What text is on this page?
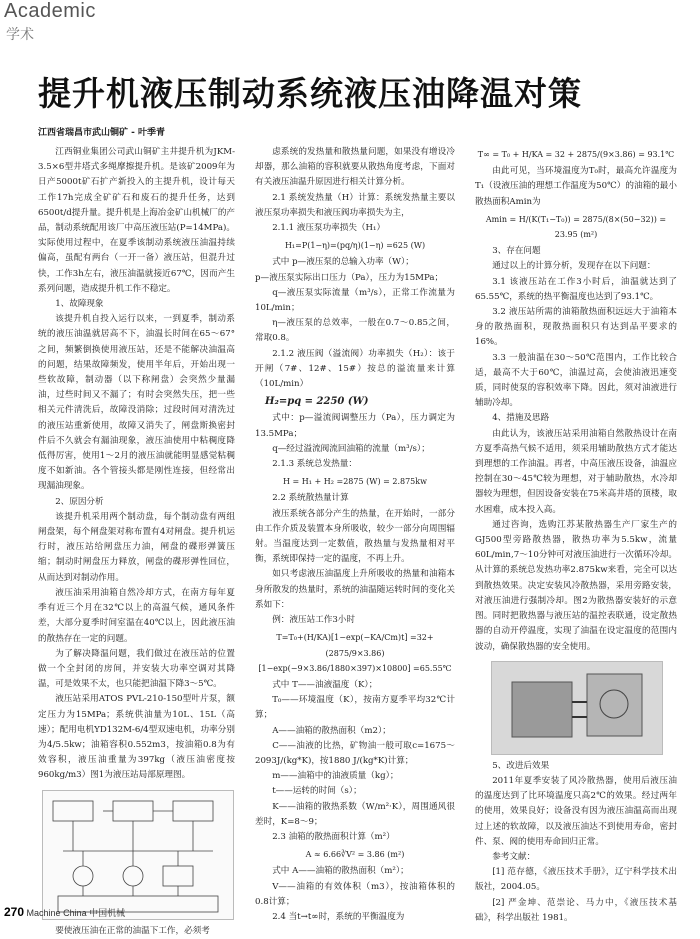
Academic
学术
提升机液压制动系统液压油降温对策
江西省瑞昌市武山铜矿 - 叶季青

江西铜业集团公司武山铜矿主井提升机为JKM-3.5×6型井塔式多绳摩擦提升机。是该矿2009年为日产5000t矿石扩产新投入的主提升机，设计每天工作17h完成全矿矿石和废石的提升任务，达到6500t/d提升量。提升机是上海冶金矿山机械厂的产品，制动系统配用该厂中高压液压站(P=14MPa)。实际使用过程中，在夏季该制动系统液压油温持续偏高，虽配有两台（一开一备）液压站，但混升过快，工作3h左右，液压油温就接近67℃，因而产生系列问题，造成提升机工作不稳定。

1、故障现象

该提升机自投入运行以来，一到夏季，制动系统的液压油温就居高不下，油温长时间在65～67°之间，频繁倒换使用液压站，还是不能解决油温高的问题，结果故障频发，使用半年后，开始出现一些软故障，制动器（以下称闸盘）会突然少量漏油，过些时间又不漏了；有时会突然失压，把一些相关元件清洗后，故障没消除；过段时间对清洗过的液压站重新使用，故障又消失了，闸盘斯换密封件后不久就会有漏油现象，液压油使用中粘稠度降低得厉害，使用1～2月的液压油就能明显感觉粘稠度不如新油。各个管接头都是刚性连接，但经常出现漏油现象。

2、原因分析

该提升机采用两个制动盘，每个制动盘有两组闸盘架，每个闸盘架对称布置有4对闸盘。提升机运行时，液压站给闸盘压力油，闸盘的碟形弹簧压缩；制动时闸盘压力释放，闸盘的碟形弹性回位，从而达到对制动作用。

液压油采用油箱自然冷却方式，在南方每年夏季有近三个月在32℃以上的高温气候，通风条件差，大部分夏季时间室温在40℃以上，因此液压油的散热存在一定的问题。

为了解决降温问题，我们做过在液压站的位置做一个全封闭的房间，并安装大功率空调对其降温，可是效果不太，也只能把油温下降3～5℃。

液压站采用ATOS PVL-210-150型叶片泵，额定压力为15MPa；系统供油量为10L、15L（高速）；配用电机YD132M-6/4型双速电机，功率分别为4/5.5kw；油箱容积0.552m3，按油箱0.8为有效容积，液压油重量为397kg（液压油密度按960kg/m3）图1为液压站局部原理图。

要使液压油在正常的油温下工作，必须考

虑系统的发热量和散热量问题，如果没有增设冷却器，那么油箱的容积就要从散热角度考虑，下面对有关液压油温升原因进行相关计算分析。

2.1 系统发热量（H）计算：系统发热量主要以液压泵功率损失和液压阀功率损失为主，

2.1.1 液压泵功率损失（H₁）

H₁=P(1−η)=(pq/η)(1−η) =625 (W)

式中 p—液压泵的总输入功率（W）；

p—液压泵实际出口压力（Pa），压力为15MPa；

q—液压泵实际流量（m³/s），正常工作流量为10L/min；

η—液压泵的总效率，一般在0.7～0.85之间，常取0.8。

2.1.2 液压阀（溢流阀）功率损失（H₂）：该于开闸（7#、12#、15#）按总的溢流量来计算（10L/min）

H₂=pq = 2250 (W)

式中：p—溢流阀调整压力（Pa），压力调定为13.5MPa；

q—经过溢流阀流回油箱的流量（m³/s）；

2.1.3 系统总发热量：

H = H₁ + H₂ =2875 (W) = 2.875kw

2.2 系统散热量计算

液压系统各部分产生的热量，在开始时，一部分由工作介质及装置本身所吸收，较少一部分向周围辐射。当温度达到一定数值，散热量与发热量相对平衡，系统即保持一定的温度，不再上升。

如只考虑液压油温度上升所吸收的热量和油箱本身所散发的热量时，系统的油温随运转时间的变化关系如下：

例：液压站工作3小时

T=T₀+(H/KA)[1−exp(−KA/Cm)t] =32+(2875/9×3.86)[1−exp(−9×3.86/1880×397)×10800] =65.55℃

式中 T——油液温度（K）；

T₀——环境温度（K），按南方夏季平均32℃计算；

A——油箱的散热面积（m2）；

C——油液的比热，矿物油一般可取c=1675～2093J/(kg*K)，按1880 J/(kg*K)计算；

m——油箱中的油液质量（kg）；

t——运转的时间（s）；

K——油箱的散热系数（W/m²·K），周围通风很差时，K=8～9；

2.3 油箱的散热面积计算（m²）

A ≈ 6.66∛V² = 3.86 (m²)

式中 A——油箱的散热面积（m²）；

V——油箱的有效体积（m3），按油箱体积的0.8计算；

2.4 当t→t∞时，系统的平衡温度为

T∞ = T₀ + H/KA = 32 + 2875/(9×3.86) = 93.1℃

由此可见，当环境温度为T₀时，最高允许温度为T₁（设液压油的理想工作温度为50℃）的油箱的最小散热面积Amin为

Amin = H/(K(T₁−T₀)) = 2875/(8×(50−32)) = 23.95 (m²)

3、存在问题

通过以上的计算分析，发现存在以下问题：

3.1 该液压站在工作3小时后，油温就达到了65.55℃，系统的热平衡温度也达到了93.1℃。

3.2 液压站所需的油箱散热面积远远大于油箱本身的散热面积，现散热面积只有达到品平要求的16%。

3.3 一般油温在30～50℃范围内，工作比较合适，最高不大于60℃，油温过高，会使油液迅速变质，同时使泵的容积效率下降。因此，须对油液进行辅助冷却。

4、措施及思路

由此认为，该液压站采用油箱自然散热设计在南方夏季高热气候不适用，须采用辅助散热方式才能达到理想的工作油温。再者，中高压液压设备，油温应控制在30～45℃较为理想，对于辅助散热，水冷却器较为理想，但因设备安装在75米高井塔的顶楼，取水困难，成本投入高。

通过咨询，选购江苏某散热器生产厂家生产的GJ500型旁路散热器，散热功率为5.5kw，流量60L/min,7～10分钟可对液压油进行一次循环冷却。从计算的系统总发热功率2.875kw来看，完全可以达到散热效果。决定安装风冷散热器，采用旁路安装，对液压油进行强制冷却。图2为散热器安装好的示意图。同时把散热器与液压站的温控表联通，设定散热器的自动开停温度，实现了油温在设定温度的范围内波动，确保散热器的安全使用。

5、改进后效果

2011年夏季安装了风冷散热器，使用后液压油的温度达到了比环境温度只高2℃的效果。经过两年的使用，效果良好；设备没有因为液压油温高而出现过上述的软故障，以及液压油达不到使用寿命，密封件、泵、阀的使用寿命回归正常。

参考文献：

[1] 范存德，《液压技术手册》，辽宁科学技术出版社，2004.05。

[2] 严金坤、范崇论、马力中，《液压技术基础》，科学出版社 1981。

270 Machine China 中国机械
